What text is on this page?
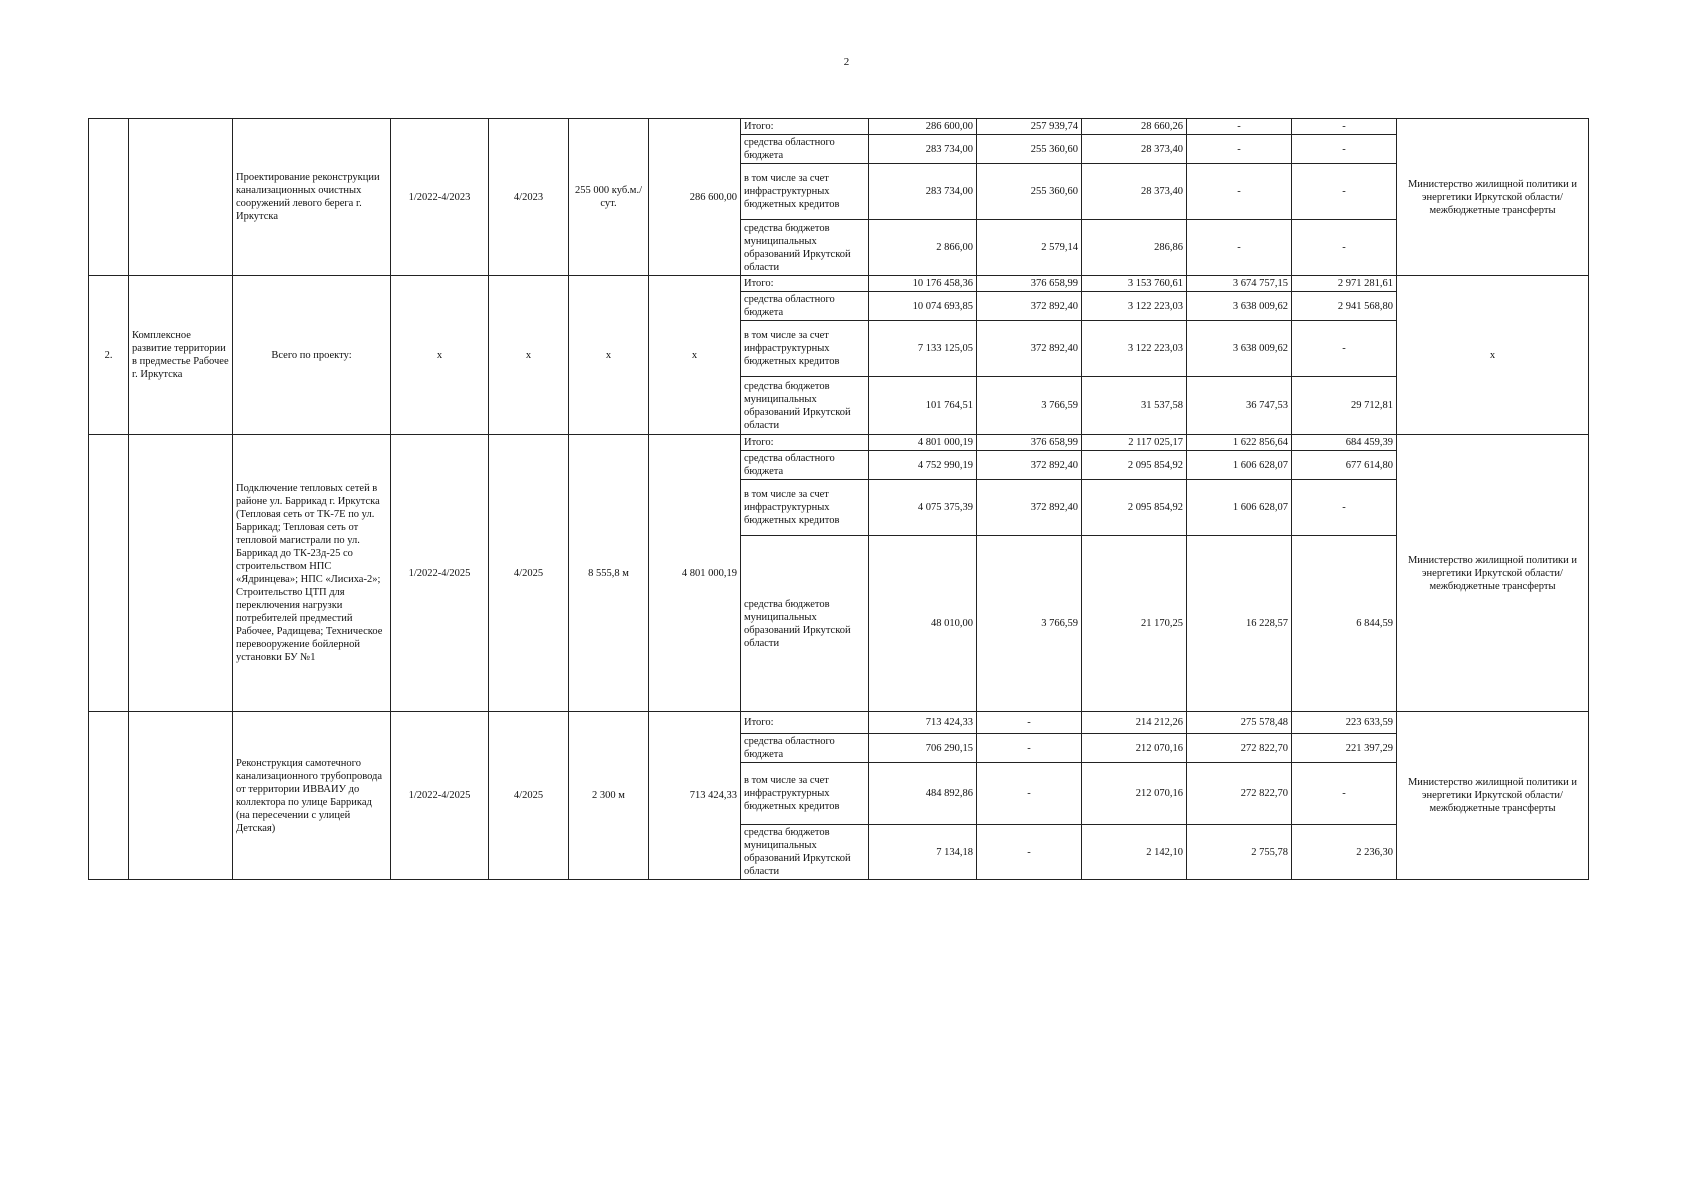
2
		Проектирование реконструкции канализационных очистных сооружений левого берега г. Иркутска	1/2022-4/2023	4/2023	255 000 куб.м./сут.	286 600,00	Итого:	286 600,00	257 939,74	28 660,26	-	-	Министерство жилищной политики и энергетики Иркутской области/ межбюджетные трансферты
							средства областного бюджета	283 734,00	255 360,60	28 373,40	-	-	
							в том числе за счет инфраструктурных бюджетных кредитов	283 734,00	255 360,60	28 373,40	-	-	
							средства бюджетов муниципальных образований Иркутской области	2 866,00	2 579,14	286,86	-	-	
2.	Комплексное развитие территории в предместье Рабочее г. Иркутска	Всего по проекту:	х	х	х	х	Итого:	10 176 458,36	376 658,99	3 153 760,61	3 674 757,15	2 971 281,61	х
							средства областного бюджета	10 074 693,85	372 892,40	3 122 223,03	3 638 009,62	2 941 568,80	
							в том числе за счет инфраструктурных бюджетных кредитов	7 133 125,05	372 892,40	3 122 223,03	3 638 009,62	-	
							средства бюджетов муниципальных образований Иркутской области	101 764,51	3 766,59	31 537,58	36 747,53	29 712,81	
		Подключение тепловых сетей в районе ул. Баррикад г. Иркутска (Тепловая сеть от ТК-7Е по ул. Баррикад; Тепловая сеть от тепловой магистрали по ул. Баррикад до ТК-23д-25 со строительством НПС «Ядринцева»; НПС «Лисиха-2»; Строительство ЦТП для переключения нагрузки потребителей предместий Рабочее, Радищева; Техническое перевооружение бойлерной установки БУ №1	1/2022-4/2025	4/2025	8 555,8 м	4 801 000,19	Итого:	4 801 000,19	376 658,99	2 117 025,17	1 622 856,64	684 459,39	Министерство жилищной политики и энергетики Иркутской области/ межбюджетные трансферты
							средства областного бюджета	4 752 990,19	372 892,40	2 095 854,92	1 606 628,07	677 614,80	
							в том числе за счет инфраструктурных бюджетных кредитов	4 075 375,39	372 892,40	2 095 854,92	1 606 628,07	-	
							средства бюджетов муниципальных образований Иркутской области	48 010,00	3 766,59	21 170,25	16 228,57	6 844,59	
		Реконструкция самотечного канализационного трубопровода от территории ИВВАИУ до коллектора по улице Баррикад (на пересечении с улицей Детская)	1/2022-4/2025	4/2025	2 300 м	713 424,33	Итого:	713 424,33	-	214 212,26	275 578,48	223 633,59	Министерство жилищной политики и энергетики Иркутской области/ межбюджетные трансферты
							средства областного бюджета	706 290,15	-	212 070,16	272 822,70	221 397,29	
							в том числе за счет инфраструктурных бюджетных кредитов	484 892,86	-	212 070,16	272 822,70	-	
							средства бюджетов муниципальных образований Иркутской области	7 134,18	-	2 142,10	2 755,78	2 236,30	
